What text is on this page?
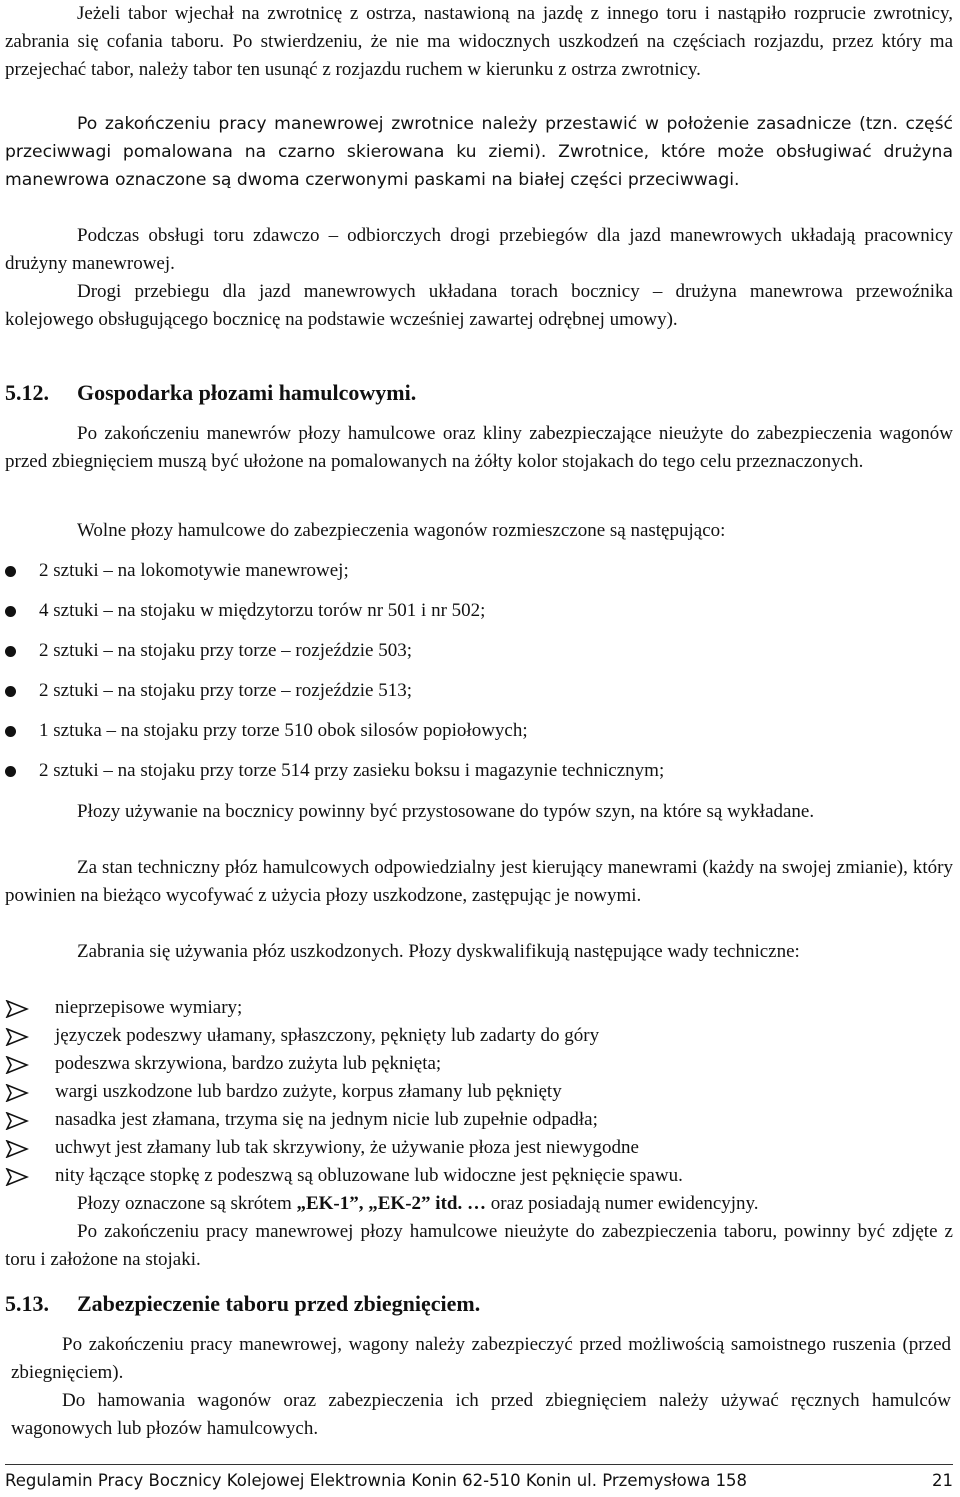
Jeżeli tabor wjechał na zwrotnicę z ostrza, nastawioną na jazdę z innego toru i nastąpiło rozprucie zwrotnicy, zabrania się cofania taboru. Po stwierdzeniu, że nie ma widocznych uszkodzeń na częściach rozjazdu, przez który ma przejechać tabor, należy tabor ten usunąć z rozjazdu ruchem w kierunku z ostrza zwrotnicy.

Po zakończeniu pracy manewrowej zwrotnice należy przestawić w położenie zasadnicze (tzn. część przeciwwagi pomalowana na czarno skierowana ku ziemi). Zwrotnice, które może obsługiwać drużyna manewrowa oznaczone są dwoma czerwonymi paskami na białej części przeciwwagi.

Podczas obsługi toru zdawczo – odbiorczych drogi przebiegów dla jazd manewrowych układają pracownicy drużyny manewrowej.

Drogi przebiegu dla jazd manewrowych układana torach bocznicy – drużyna manewrowa przewoźnika kolejowego obsługującego bocznicę na podstawie wcześniej zawartej odrębnej umowy).

5.12. Gospodarka płozami hamulcowymi.

Po zakończeniu manewrów płozy hamulcowe oraz kliny zabezpieczające nieużyte do zabezpieczenia wagonów przed zbiegnięciem muszą być ułożone na pomalowanych na żółty kolor stojakach do tego celu przeznaczonych.

Wolne płozy hamulcowe do zabezpieczenia wagonów rozmieszczone są następująco:

2 sztuki – na lokomotywie manewrowej;
4 sztuki – na stojaku w międzytorzu torów nr 501 i nr 502;
2 sztuki – na stojaku przy torze – rozjeździe 503;
2 sztuki – na stojaku przy torze – rozjeździe 513;
1 sztuka – na stojaku przy torze 510 obok silosów popiołowych;
2 sztuki – na stojaku przy torze 514 przy zasieku boksu i magazynie technicznym;

Płozy używanie na bocznicy powinny być przystosowane do typów szyn, na które są wykładane.

Za stan techniczny płóz hamulcowych odpowiedzialny jest kierujący manewrami (każdy na swojej zmianie), który powinien na bieżąco wycofywać z użycia płozy uszkodzone, zastępując je nowymi.

Zabrania się używania płóz uszkodzonych. Płozy dyskwalifikują następujące wady techniczne:

nieprzepisowe wymiary;
języczek podeszwy ułamany, spłaszczony, pęknięty lub zadarty do góry
podeszwa skrzywiona, bardzo zużyta lub pęknięta;
wargi uszkodzone lub bardzo zużyte, korpus złamany lub pęknięty
nasadka jest złamana, trzyma się na jednym nicie lub zupełnie odpadła;
uchwyt jest złamany lub tak skrzywiony, że używanie płoza jest niewygodne
nity łączące stopkę z podeszwą są obluzowane lub widoczne jest pęknięcie spawu.

Płozy oznaczone są skrótem „EK-1”, „EK-2” itd. … oraz posiadają numer ewidencyjny.

Po zakończeniu pracy manewrowej płozy hamulcowe nieużyte do zabezpieczenia taboru, powinny być zdjęte z toru i założone na stojaki.

5.13. Zabezpieczenie taboru przed zbiegnięciem.

Po zakończeniu pracy manewrowej, wagony należy zabezpieczyć przed możliwością samoistnego ruszenia (przed zbiegnięciem).

Do hamowania wagonów oraz zabezpieczenia ich przed zbiegnięciem należy używać ręcznych hamulców wagonowych lub płozów hamulcowych.

Regulamin Pracy Bocznicy Kolejowej Elektrownia Konin 62-510 Konin ul. Przemysłowa 158	21
